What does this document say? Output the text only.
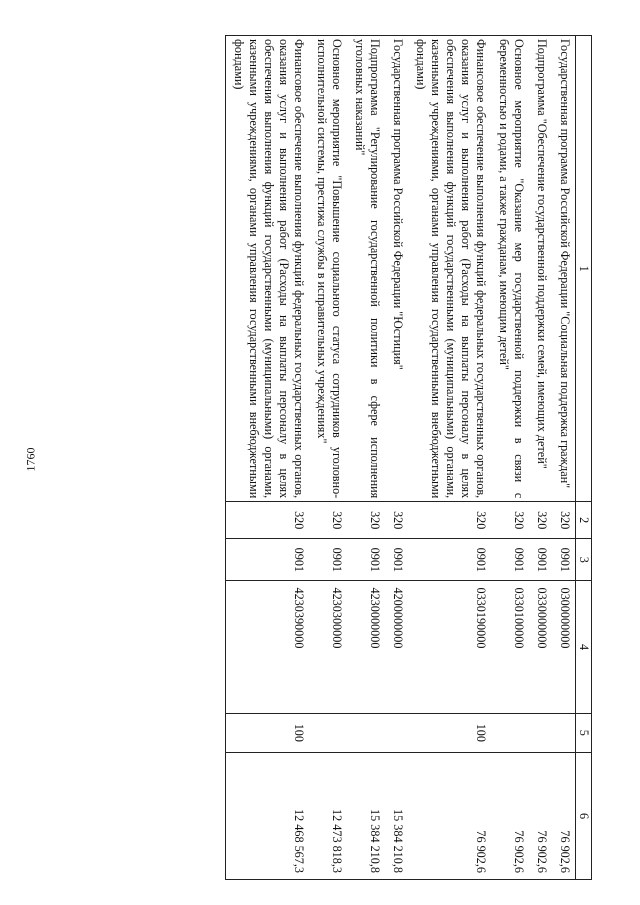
1760
1	2	3	4	5	6
Государственная программа Российской Федерации "Социальная поддержка граждан"	320	0901	0300000000		76 902,6
Подпрограмма "Обеспечение государственной поддержки семей, имеющих детей"	320	0901	0330000000		76 902,6
Основное мероприятие "Оказание мер государственной поддержки в связи с беременностью и родами, а также гражданам, имеющим детей"	320	0901	0330100000		76 902,6
Финансовое обеспечение выполнения функций федеральных государственных органов, оказания услуг и выполнения работ (Расходы на выплаты персоналу в целях обеспечения выполнения функций государственными (муниципальными) органами, казенными учреждениями, органами управления государственными внебюджетными фондами)	320	0901	0330190000	100	76 902,6
Государственная программа Российской Федерации "Юстиция"	320	0901	4200000000		15 384 210,8
Подпрограмма "Регулирование государственной политики в сфере исполнения уголовных наказаний"	320	0901	4230000000		15 384 210,8
Основное мероприятие "Повышение социального статуса сотрудников уголовно-исполнительной системы, престижа службы в исправительных учреждениях"	320	0901	4230300000		12 473 818,3
Финансовое обеспечение выполнения функций федеральных государственных органов, оказания услуг и выполнения работ (Расходы на выплаты персоналу в целях обеспечения выполнения функций государственными (муниципальными) органами, казенными учреждениями, органами управления государственными внебюджетными фондами)	320	0901	4230390000	100	12 468 567,3
